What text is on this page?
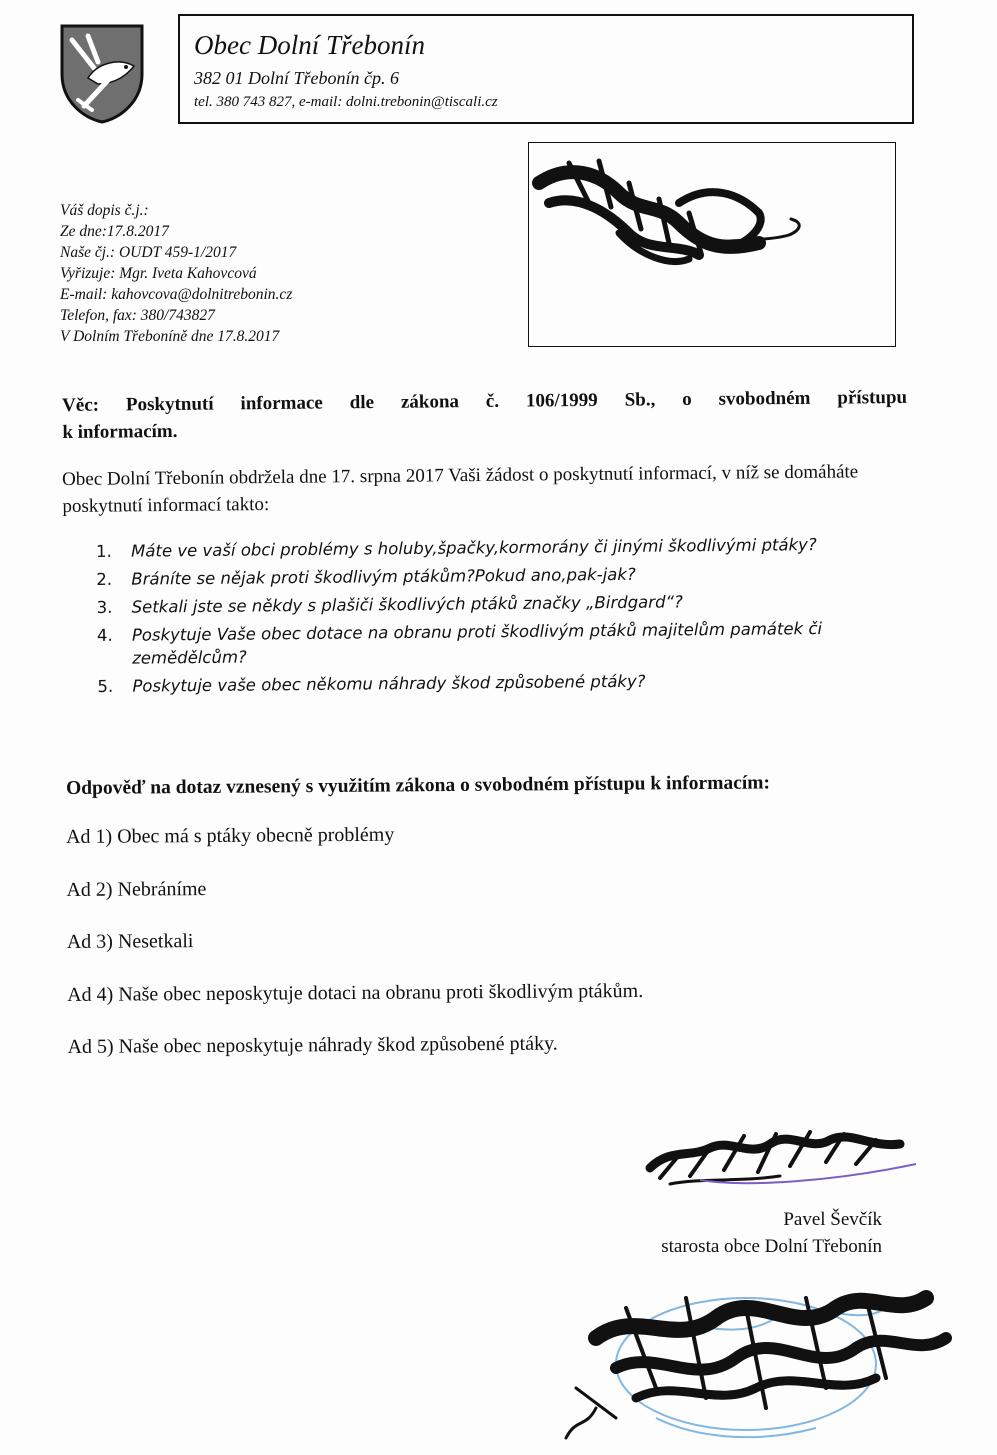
Obec Dolní Třebonín
382 01 Dolní Třebonín čp. 6
tel. 380 743 827, e-mail: dolni.trebonin@tiscali.cz
Váš dopis č.j.:
Ze dne:17.8.2017
Naše čj.: OUDT 459-1/2017
Vyřizuje: Mgr. Iveta Kahovcová
E-mail: kahovcova@dolnitrebonin.cz
Telefon, fax: 380/743827
V Dolním Třeboníně dne 17.8.2017
Věc: Poskytnutí informace dle zákona č. 106/1999 Sb., o svobodném přístupu
k informacím.
Obec Dolní Třebonín obdržela dne 17. srpna 2017 Vaši žádost o poskytnutí informací, v níž se domáháte poskytnutí informací takto:
1. Máte ve vaší obci problémy s holuby,špačky,kormorány či jinými škodlivými ptáky?
2. Bráníte se nějak proti škodlivým ptákům?Pokud ano,pak-jak?
3. Setkali jste se někdy s plašiči škodlivých ptáků značky „Birdgard“?
4. Poskytuje Vaše obec dotace na obranu proti škodlivým ptáků majitelům památek či zemědělcům?
5. Poskytuje vaše obec někomu náhrady škod způsobené ptáky?
Odpověď na dotaz vznesený s využitím zákona o svobodném přístupu k informacím:
Ad 1) Obec má s ptáky obecně problémy
Ad 2) Nebráníme
Ad 3) Nesetkali
Ad 4) Naše obec neposkytuje dotaci na obranu proti škodlivým ptákům.
Ad 5) Naše obec neposkytuje náhrady škod způsobené ptáky.
Pavel Ševčík
starosta obce Dolní Třebonín
